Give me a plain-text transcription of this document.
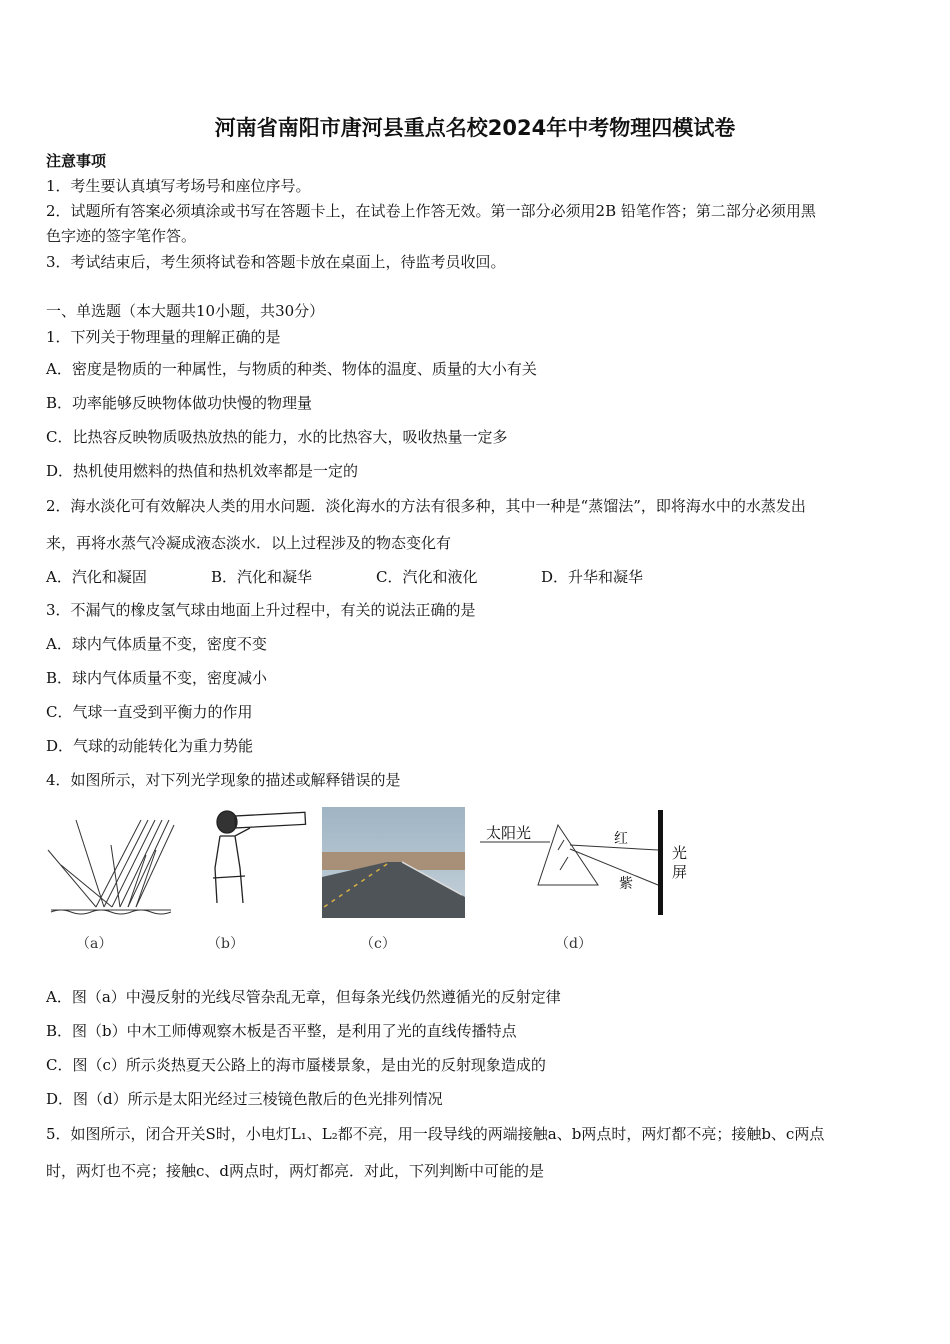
河南省南阳市唐河县重点名校2024年中考物理四模试卷
注意事项
1．考生要认真填写考场号和座位序号。
2．试题所有答案必须填涂或书写在答题卡上，在试卷上作答无效。第一部分必须用2B 铅笔作答；第二部分必须用黑
色字迹的签字笔作答。
3．考试结束后，考生须将试卷和答题卡放在桌面上，待监考员收回。
一、单选题（本大题共10小题，共30分）
1．下列关于物理量的理解正确的是
A．密度是物质的一种属性，与物质的种类、物体的温度、质量的大小有关
B．功率能够反映物体做功快慢的物理量
C．比热容反映物质吸热放热的能力，水的比热容大，吸收热量一定多
D．热机使用燃料的热值和热机效率都是一定的
2．海水淡化可有效解决人类的用水问题．淡化海水的方法有很多种，其中一种是“蒸馏法”，即将海水中的水蒸发出
来，再将水蒸气冷凝成液态淡水．以上过程涉及的物态变化有
A．汽化和凝固	B．汽化和凝华	C．汽化和液化	D．升华和凝华
3．不漏气的橡皮氢气球由地面上升过程中，有关的说法正确的是
A．球内气体质量不变，密度不变
B．球内气体质量不变，密度减小
C．气球一直受到平衡力的作用
D．气球的动能转化为重力势能
4．如图所示，对下列光学现象的描述或解释错误的是
太阳光	红
紫
光
屏
（a）	（b）	（c）	（d）
A．图（a）中漫反射的光线尽管杂乱无章，但每条光线仍然遵循光的反射定律
B．图（b）中木工师傅观察木板是否平整，是利用了光的直线传播特点
C．图（c）所示炎热夏天公路上的海市蜃楼景象，是由光的反射现象造成的
D．图（d）所示是太阳光经过三棱镜色散后的色光排列情况
5．如图所示，闭合开关S时，小电灯L₁、L₂都不亮，用一段导线的两端接触a、b两点时，两灯都不亮；接触b、c两点
时，两灯也不亮；接触c、d两点时，两灯都亮．对此，下列判断中可能的是
